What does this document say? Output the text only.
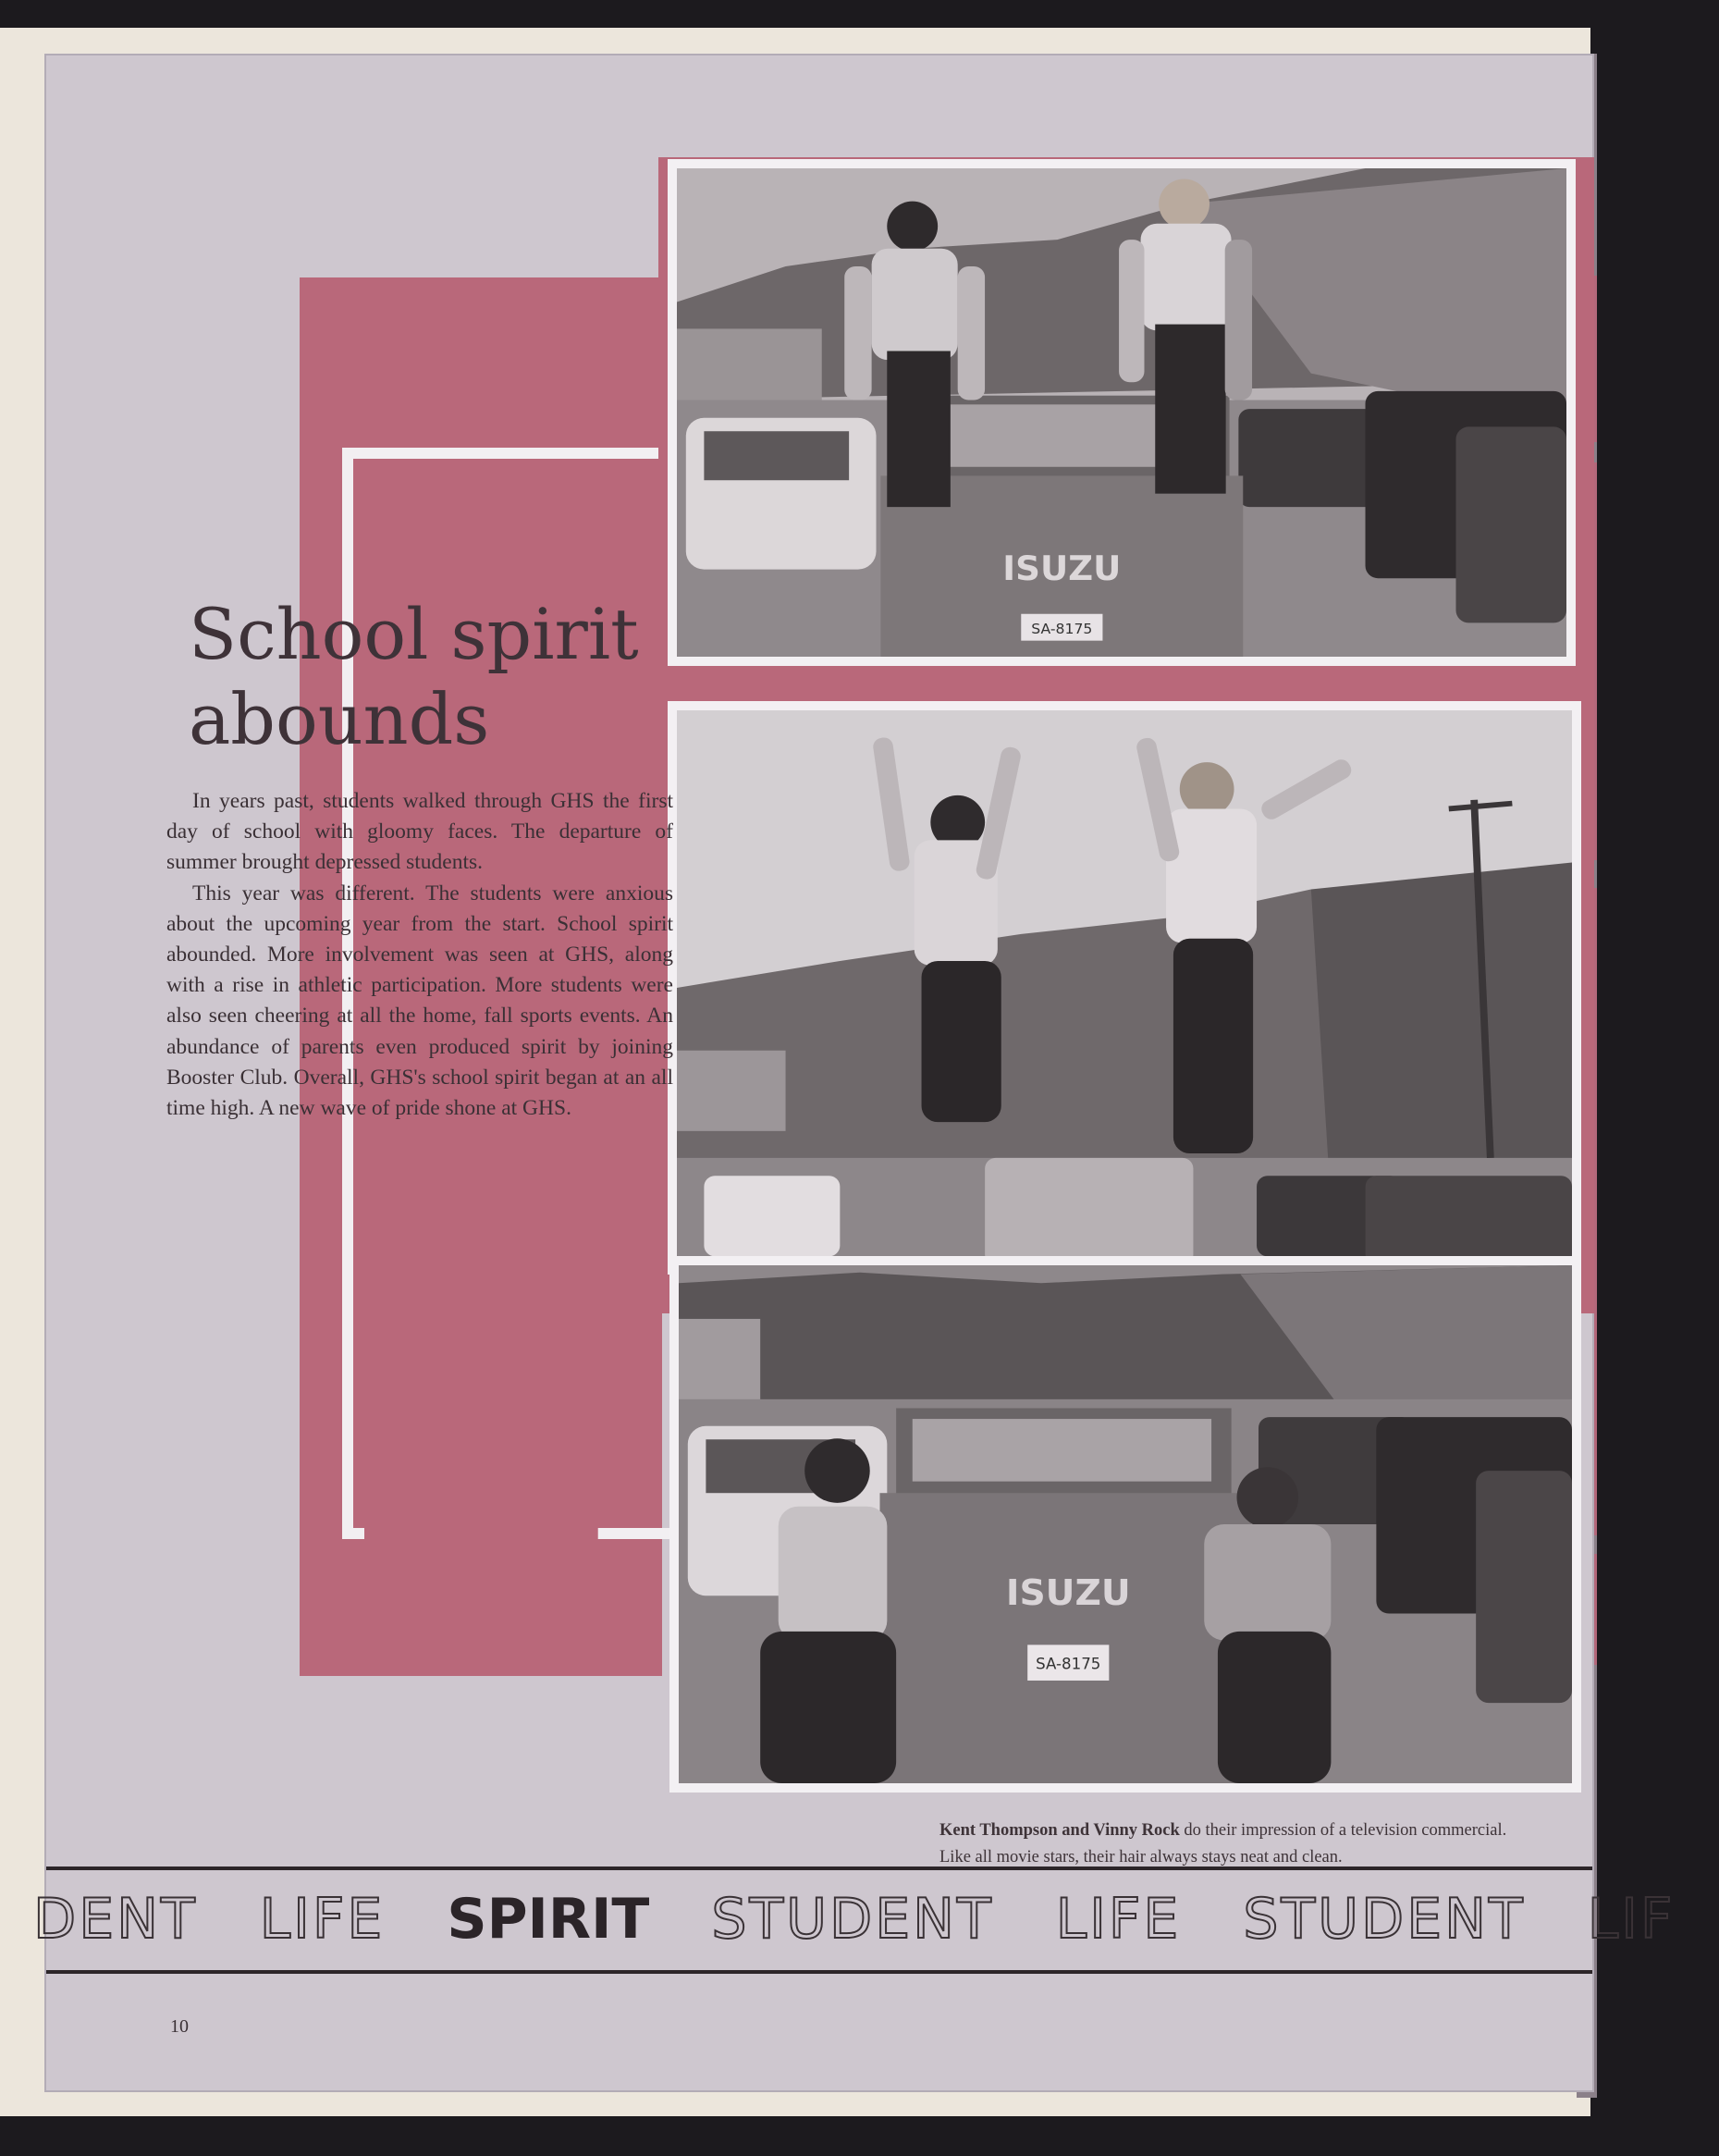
ISUZU
SA-8175
ISUZU
SA-8175
School spirit
abounds

In years past, students walked through GHS the first day of school with gloomy faces. The departure of summer brought depressed students.

This year was different. The students were anxious about the upcoming year from the start. School spirit abounded. More involvement was seen at GHS, along with a rise in athletic participation. More students were also seen cheering at all the home, fall sports events. An abundance of parents even produced spirit by joining Booster Club. Overall, GHS's school spirit began at an all time high. A new wave of pride shone at GHS.

Kent Thompson and Vinny Rock do their impression of a television commercial.
Like all movie stars, their hair always stays neat and clean.
DENT LIFE SPIRIT STUDENT LIFE STUDENT LIF
10
